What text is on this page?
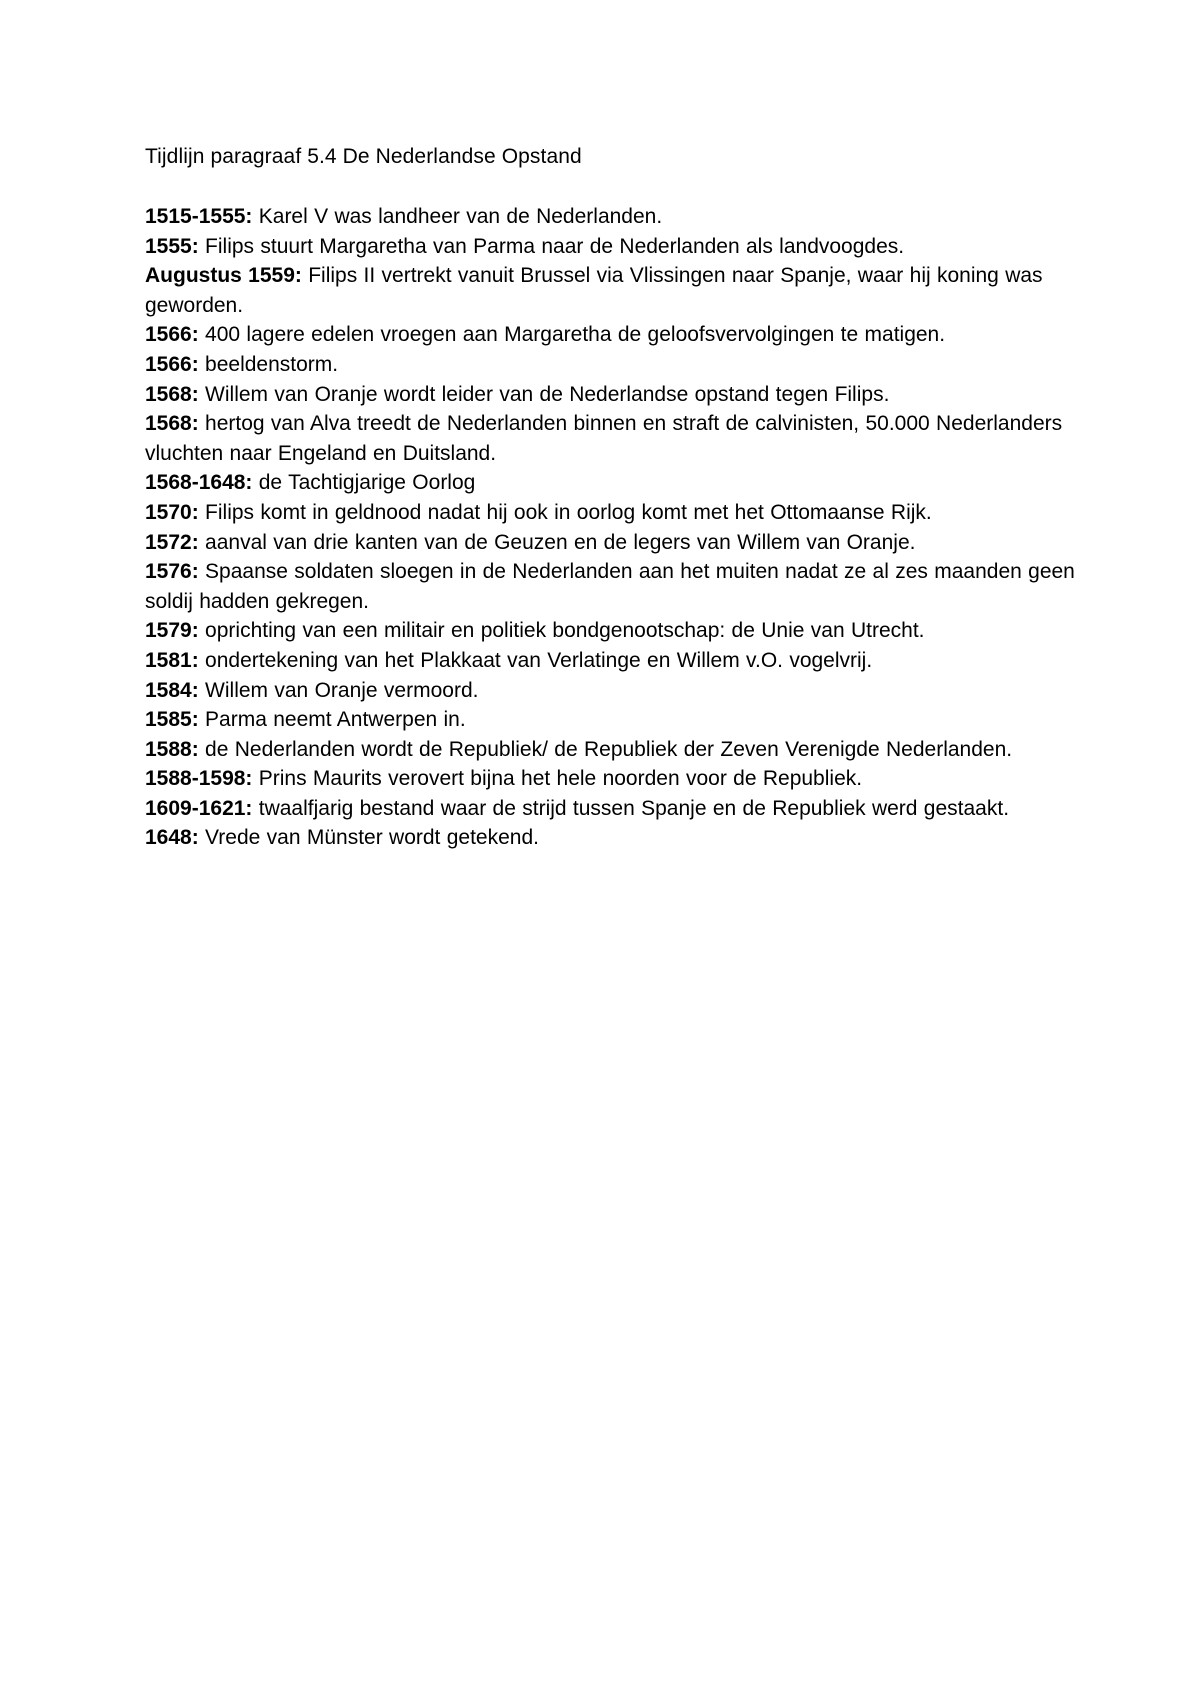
Tijdlijn paragraaf 5.4 De Nederlandse Opstand

1515-1555: Karel V was landheer van de Nederlanden.
1555: Filips stuurt Margaretha van Parma naar de Nederlanden als landvoogdes.
Augustus 1559: Filips II vertrekt vanuit Brussel via Vlissingen naar Spanje, waar hij koning was geworden.
1566: 400 lagere edelen vroegen aan Margaretha de geloofsvervolgingen te matigen.
1566: beeldenstorm.
1568: Willem van Oranje wordt leider van de Nederlandse opstand tegen Filips.
1568: hertog van Alva treedt de Nederlanden binnen en straft de calvinisten, 50.000 Nederlanders vluchten naar Engeland en Duitsland.
1568-1648: de Tachtigjarige Oorlog
1570: Filips komt in geldnood nadat hij ook in oorlog komt met het Ottomaanse Rijk.
1572: aanval van drie kanten van de Geuzen en de legers van Willem van Oranje.
1576: Spaanse soldaten sloegen in de Nederlanden aan het muiten nadat ze al zes maanden geen soldij hadden gekregen.
1579: oprichting van een militair en politiek bondgenootschap: de Unie van Utrecht.
1581: ondertekening van het Plakkaat van Verlatinge en Willem v.O. vogelvrij.
1584: Willem van Oranje vermoord.
1585: Parma neemt Antwerpen in.
1588: de Nederlanden wordt de Republiek/ de Republiek der Zeven Verenigde Nederlanden.
1588-1598: Prins Maurits verovert bijna het hele noorden voor de Republiek.
1609-1621: twaalfjarig bestand waar de strijd tussen Spanje en de Republiek werd gestaakt.
1648: Vrede van Münster wordt getekend.
